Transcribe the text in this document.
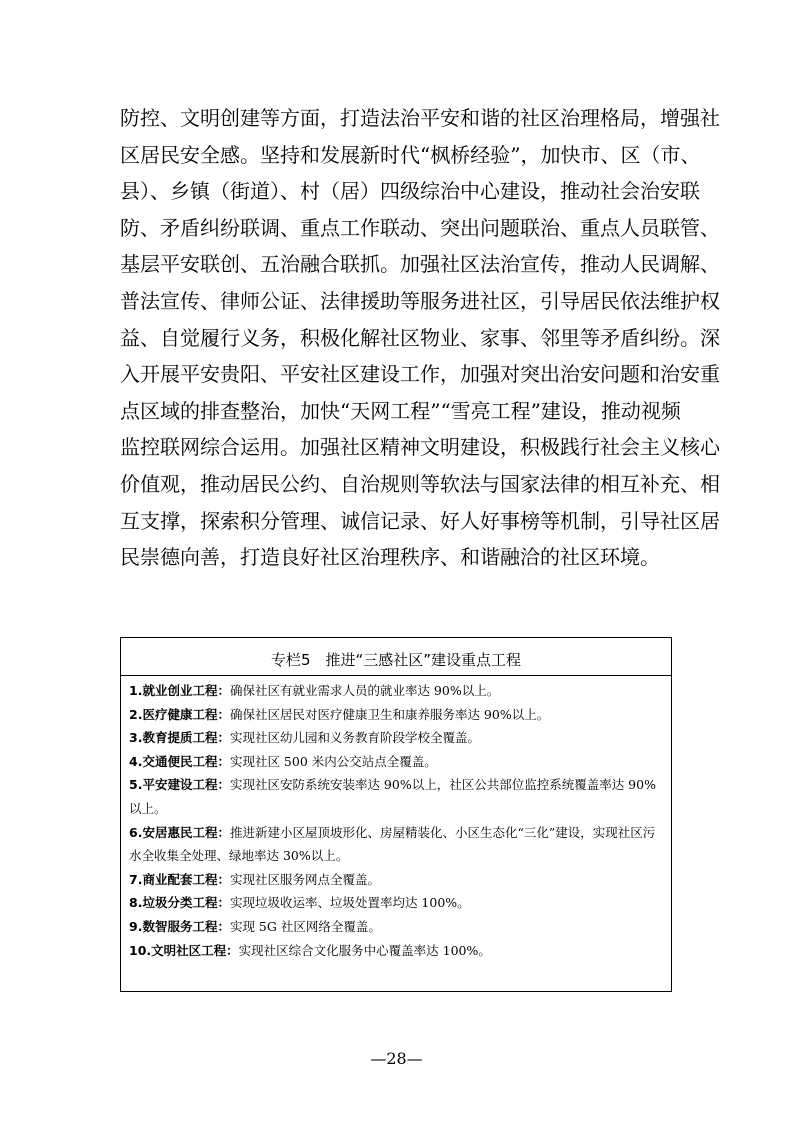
防控、文明创建等方面，打造法治平安和谐的社区治理格局，增强社
区居民安全感。坚持和发展新时代“枫桥经验”，加快市、区（市、
县）、乡镇（街道）、村（居）四级综治中心建设，推动社会治安联
防、矛盾纠纷联调、重点工作联动、突出问题联治、重点人员联管、
基层平安联创、五治融合联抓。加强社区法治宣传，推动人民调解、
普法宣传、律师公证、法律援助等服务进社区，引导居民依法维护权
益、自觉履行义务，积极化解社区物业、家事、邻里等矛盾纠纷。深
入开展平安贵阳、平安社区建设工作，加强对突出治安问题和治安重
点区域的排查整治，加快“天网工程”“雪亮工程”建设，推动视频
监控联网综合运用。加强社区精神文明建设，积极践行社会主义核心
价值观，推动居民公约、自治规则等软法与国家法律的相互补充、相
互支撑，探索积分管理、诚信记录、好人好事榜等机制，引导社区居
民崇德向善，打造良好社区治理秩序、和谐融洽的社区环境。
专栏5　推进“三感社区”建设重点工程
1.就业创业工程：确保社区有就业需求人员的就业率达 90%以上。
2.医疗健康工程：确保社区居民对医疗健康卫生和康养服务率达 90%以上。
3.教育提质工程：实现社区幼儿园和义务教育阶段学校全覆盖。
4.交通便民工程：实现社区 500 米内公交站点全覆盖。
5.平安建设工程：实现社区安防系统安装率达 90%以上，社区公共部位监控系统覆盖率达 90%以上。
6.安居惠民工程：推进新建小区屋顶坡形化、房屋精装化、小区生态化“三化”建设，实现社区污水全收集全处理、绿地率达 30%以上。
7.商业配套工程：实现社区服务网点全覆盖。
8.垃圾分类工程：实现垃圾收运率、垃圾处置率均达 100%。
9.数智服务工程：实现 5G 社区网络全覆盖。
10.文明社区工程：实现社区综合文化服务中心覆盖率达 100%。
—28—
